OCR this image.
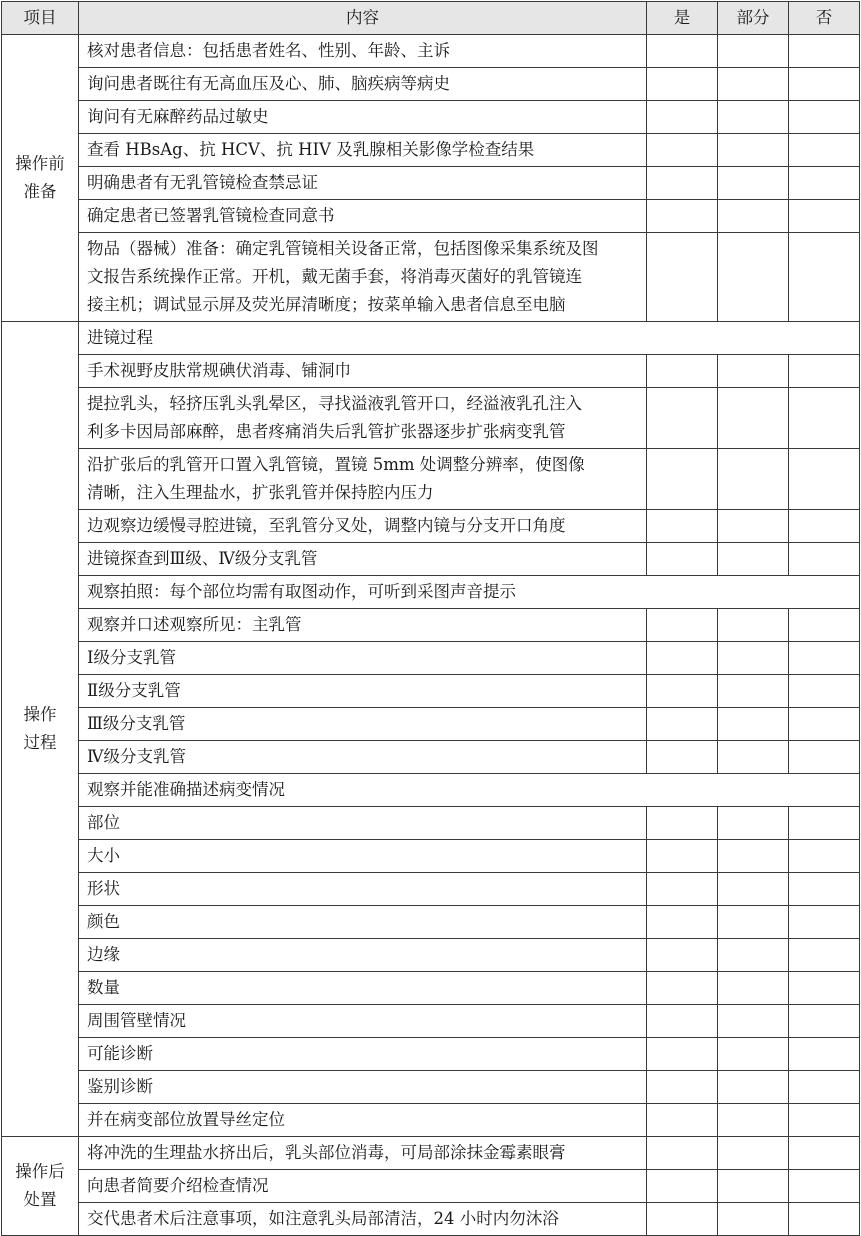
项目	内容	是	部分	否

操作前
准备	核对患者信息：包括患者姓名、性别、年龄、主诉			

	询问患者既往有无高血压及心、肺、脑疾病等病史			

	询问有无麻醉药品过敏史			

	查看 HBsAg、抗 HCV、抗 HIV 及乳腺相关影像学检查结果			

	明确患者有无乳管镜检查禁忌证			

	确定患者已签署乳管镜检查同意书			

	物品（器械）准备：确定乳管镜相关设备正常，包括图像采集系统及图
文报告系统操作正常。开机，戴无菌手套，将消毒灭菌好的乳管镜连
接主机；调试显示屏及荧光屏清晰度；按菜单输入患者信息至电脑			

操作
过程	进镜过程			

	手术视野皮肤常规碘伏消毒、铺洞巾			

	提拉乳头，轻挤压乳头乳晕区，寻找溢液乳管开口，经溢液乳孔注入
利多卡因局部麻醉，患者疼痛消失后乳管扩张器逐步扩张病变乳管			

	沿扩张后的乳管开口置入乳管镜，置镜 5mm 处调整分辨率，使图像
清晰，注入生理盐水，扩张乳管并保持腔内压力			

	边观察边缓慢寻腔进镜，至乳管分叉处，调整内镜与分支开口角度			

	进镜探查到Ⅲ级、Ⅳ级分支乳管			

	观察拍照：每个部位均需有取图动作，可听到采图声音提示			

	观察并口述观察所见：主乳管			

	Ⅰ级分支乳管			

	Ⅱ级分支乳管			

	Ⅲ级分支乳管			

	Ⅳ级分支乳管			

	观察并能准确描述病变情况			

	部位			

	大小			

	形状			

	颜色			

	边缘			

	数量			

	周围管壁情况			

	可能诊断			

	鉴别诊断			

	并在病变部位放置导丝定位			

操作后
处置	将冲洗的生理盐水挤出后，乳头部位消毒，可局部涂抹金霉素眼膏			

	向患者简要介绍检查情况			

	交代患者术后注意事项，如注意乳头局部清洁，24 小时内勿沐浴			
